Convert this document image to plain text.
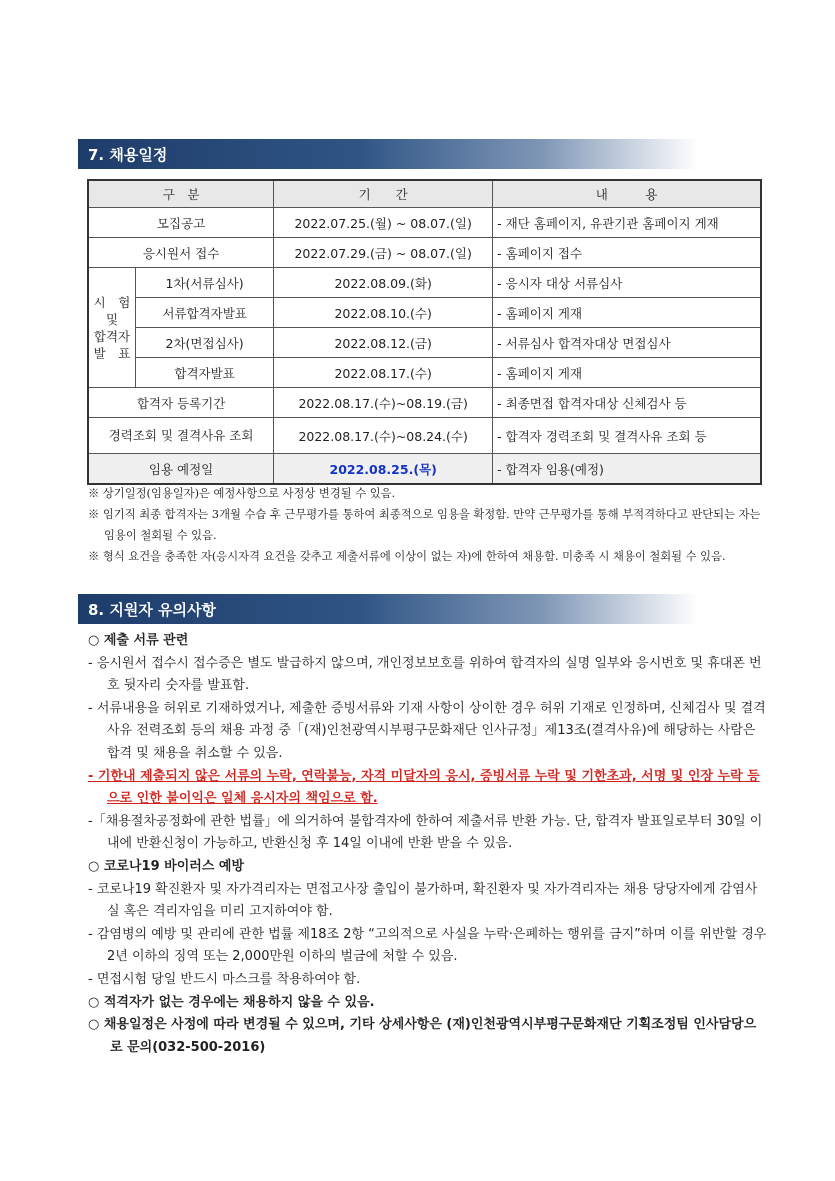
7. 채용일정
구　분		기　　간	내　　　용
모집공고		2022.07.25.(월) ~ 08.07.(일)	- 재단 홈페이지, 유관기관 홈페이지 게재
응시원서 접수		2022.07.29.(금) ~ 08.07.(일)	- 홈페이지 접수

시　험
및
합격자
발　표	1차(서류심사)	2022.08.09.(화)	- 응시자 대상 서류심사
	서류합격자발표	2022.08.10.(수)	- 홈페이지 게재
	2차(면접심사)	2022.08.12.(금)	- 서류심사 합격자대상 면접심사
	합격자발표	2022.08.17.(수)	- 홈페이지 게재
합격자 등록기간		2022.08.17.(수)~08.19.(금)	- 최종면접 합격자대상 신체검사 등
경력조회 및 결격사유 조회		2022.08.17.(수)~08.24.(수)	- 합격자 경력조회 및 결격사유 조회 등
임용 예정일		2022.08.25.(목)	- 합격자 임용(예정)

※ 상기일정(임용일자)은 예정사항으로 사정상 변경될 수 있음.

※ 임기직 최종 합격자는 3개월 수습 후 근무평가를 통하여 최종적으로 임용을 확정함. 만약 근무평가를 통해 부적격하다고 판단되는 자는 임용이 철회될 수 있음.

※ 형식 요건을 충족한 자(응시자격 요건을 갖추고 제출서류에 이상이 없는 자)에 한하여 채용함. 미충족 시 채용이 철회될 수 있음.

8. 지원자 유의사항

○ 제출 서류 관련

- 응시원서 접수시 접수증은 별도 발급하지 않으며, 개인정보보호를 위하여 합격자의 실명 일부와 응시번호 및 휴대폰 번호 뒷자리 숫자를 발표함.

- 서류내용을 허위로 기재하였거나, 제출한 증빙서류와 기재 사항이 상이한 경우 허위 기재로 인정하며, 신체검사 및 결격사유 전력조회 등의 채용 과정 중「(재)인천광역시부평구문화재단 인사규정」제13조(결격사유)에 해당하는 사람은 합격 및 채용을 취소할 수 있음.

- 기한내 제출되지 않은 서류의 누락, 연락불능, 자격 미달자의 응시, 증빙서류 누락 및 기한초과, 서명 및 인장 누락 등으로 인한 불이익은 일체 응시자의 책임으로 함.

-「채용절차공정화에 관한 법률」에 의거하여 불합격자에 한하여 제출서류 반환 가능. 단, 합격자 발표일로부터 30일 이내에 반환신청이 가능하고, 반환신청 후 14일 이내에 반환 받을 수 있음.

○ 코로나19 바이러스 예방

- 코로나19 확진환자 및 자가격리자는 면접고사장 출입이 불가하며, 확진환자 및 자가격리자는 채용 당당자에게 감염사실 혹은 격리자임을 미리 고지하여야 함.

- 감염병의 예방 및 관리에 관한 법률 제18조 2항 “고의적으로 사실을 누락·은폐하는 행위를 금지”하며 이를 위반할 경우 2년 이하의 징역 또는 2,000만원 이하의 벌금에 처할 수 있음.

- 면접시험 당일 반드시 마스크를 착용하여야 함.

○ 적격자가 없는 경우에는 채용하지 않을 수 있음.

○ 채용일정은 사정에 따라 변경될 수 있으며, 기타 상세사항은 (재)인천광역시부평구문화재단 기획조정팀 인사담당으로 문의(032-500-2016)
